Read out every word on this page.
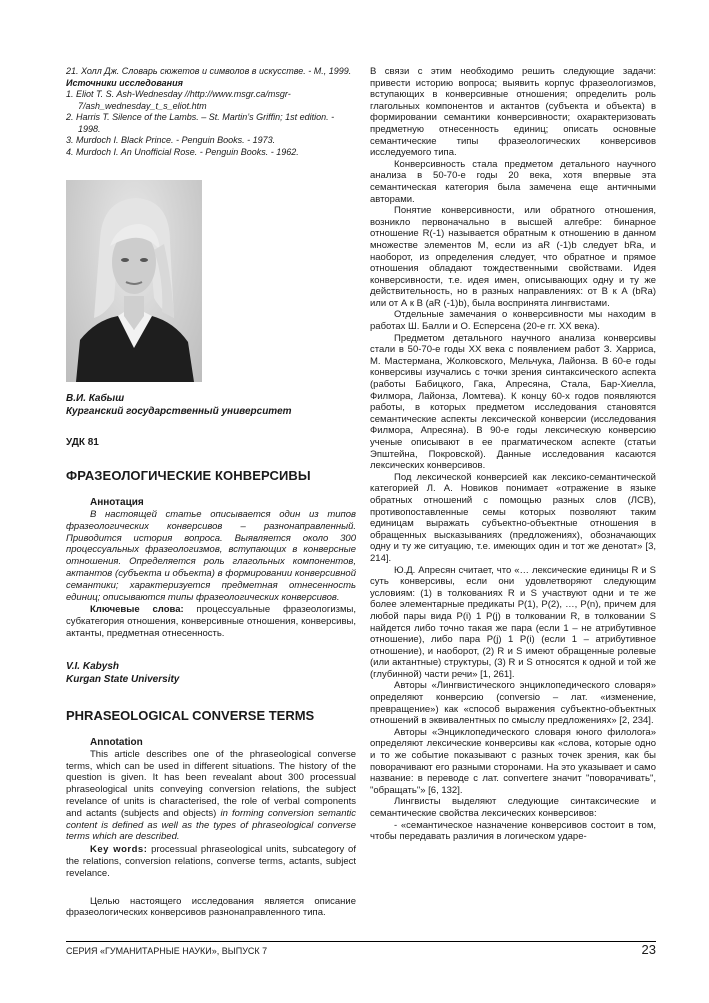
21. Холл Дж. Словарь сюжетов и символов в искусстве. - М., 1999.

Источники исследования

1. Eliot T. S. Ash-Wednesday //http://www.msgr.ca/msgr-7/ash_wednesday_t_s_eliot.htm

2. Harris T. Silence of the Lambs. – St. Martin’s Griffin; 1st edition. - 1998.

3. Murdoch I. Black Prince. - Penguin Books. - 1973.

4. Murdoch I. An Unofficial Rose. - Penguin Books. - 1962.

В.И. Кабыш
Курганский государственный университет

УДК 81

ФРАЗЕОЛОГИЧЕСКИЕ КОНВЕРСИВЫ

Аннотация

В настоящей статье описывается один из типов фразеологических конверсивов – разнонаправленный. Приводится история вопроса. Выявляется около 300 процессуальных фразеологизмов, вступающих в конверсные отношения. Определяется роль глагольных компонентов, актантов (субъекта и объекта) в формировании конверсивной семантики; характеризуется предметная отнесенность единиц; описываются типы фразеологических конверсивов.

Ключевые слова: процессуальные фразеологизмы, субкатегория отношения, конверсивные отношения, конверсивы, актанты, предметная отнесенность.

V.I. Kabysh
Kurgan State University

PHRASEOLOGICAL CONVERSE TERMS

Annotation

This article describes one of the phraseological converse terms, which can be used in different situations. The history of the question is given. It has been revealant about 300 processual phraseological units conveying conversion relations, the subject revelance of units is characterised, the role of verbal components and actants (subjects and objects) in forming conversion semantic content is defined as well as the types of phraseological converse terms which are described.

Key words: processual phraseological units, subcategory of the relations, conversion relations, converse terms, actants, subject revelance.

Целью настоящего исследования является описание фразеологических конверсивов разнонаправленного типа.

В связи с этим необходимо решить следующие задачи: привести историю вопроса; выявить корпус фразеологизмов, вступающих в конверсивные отношения; определить роль глагольных компонентов и актантов (субъекта и объекта) в формировании семантики конверсивности; охарактеризовать предметную отнесенность единиц; описать основные семантические типы фразеологических конверсивов исследуемого типа.

Конверсивность стала предметом детального научного анализа в 50-70-е годы 20 века, хотя впервые эта семантическая категория была замечена еще античными авторами.

Понятие конверсивности, или обратного отношения, возникло первоначально в высшей алгебре: бинарное отношение R(-1) называется обратным к отношению в данном множестве элементов М, если из aR (-1)b следует bRa, и наоборот, из определения следует, что обратное и прямое отношения обладают тождественными свойствами. Идея конверсивности, т.е. идея имен, описывающих одну и ту же действительность, но в разных направлениях: от В к А (bRa) или от А к В (aR (-1)b), была воспринята лингвистами.

Отдельные замечания о конверсивности мы находим в работах Ш. Балли и О. Есперсена (20-е гг. XX века).

Предметом детального научного анализа конверсивы стали в 50-70-е годы XX века с появлением работ З. Харриса, М. Мастермана, Жолковского, Мельчука, Лайонза. В 60-е годы конверсивы изучались с точки зрения синтаксического аспекта (работы Бабицкого, Гака, Апресяна, Стала, Бар-Хиелла, Филмора, Лайонза, Ломтева). К концу 60-х годов появляются работы, в которых предметом исследования становятся семантические аспекты лексической конверсии (исследования Филмора, Апресяна). В 90-е годы лексическую конверсию ученые описывают в ее прагматическом аспекте (статьи Эпштейна, Покровской). Данные исследования касаются лексических конверсивов.

Под лексической конверсией как лексико-семантической категорией Л. А. Новиков понимает «отражение в языке обратных отношений с помощью разных слов (ЛСВ), противопоставленные семы которых позволяют таким единицам выражать субъектно-объектные отношения в обращенных высказываниях (предложениях), обозначающих одну и ту же ситуацию, т.е. имеющих один и тот же денотат» [3, 214].

Ю.Д. Апресян считает, что «… лексические единицы R и S суть конверсивы, если они удовлетворяют следующим условиям: (1) в толкованиях R и S участвуют одни и те же более элементарные предикаты P(1), P(2), …, P(n), причем для любой пары вида P(i) 1 P(j) в толковании R, в толковании S найдется либо точно такая же пара (если 1 – не атрибутивное отношение), либо пара P(j) 1 P(i) (если 1 – атрибутивное отношение), и наоборот, (2) R и S имеют обращенные ролевые (или актантные) структуры, (3) R и S относятся к одной и той же (глубинной) части речи» [1, 261].

Авторы «Лингвистического энциклопедического словаря» определяют конверсию (conversio – лат. «изменение, превращение») как «способ выражения субъектно-объектных отношений в эквивалентных по смыслу предложениях» [2, 234].

Авторы «Энциклопедического словаря юного филолога» определяют лексические конверсивы как «слова, которые одно и то же событие показывают с разных точек зрения, как бы поворачивают его разными сторонами. На это указывает и само название: в переводе с лат. convertere значит "поворачивать", "обращать"» [6, 132].

Лингвисты выделяют следующие синтаксические и семантические свойства лексических конверсивов:

- «семантическое назначение конверсивов состоит в том, чтобы передавать различия в логическом ударе-

СЕРИЯ «ГУМАНИТАРНЫЕ НАУКИ», ВЫПУСК 7	23
